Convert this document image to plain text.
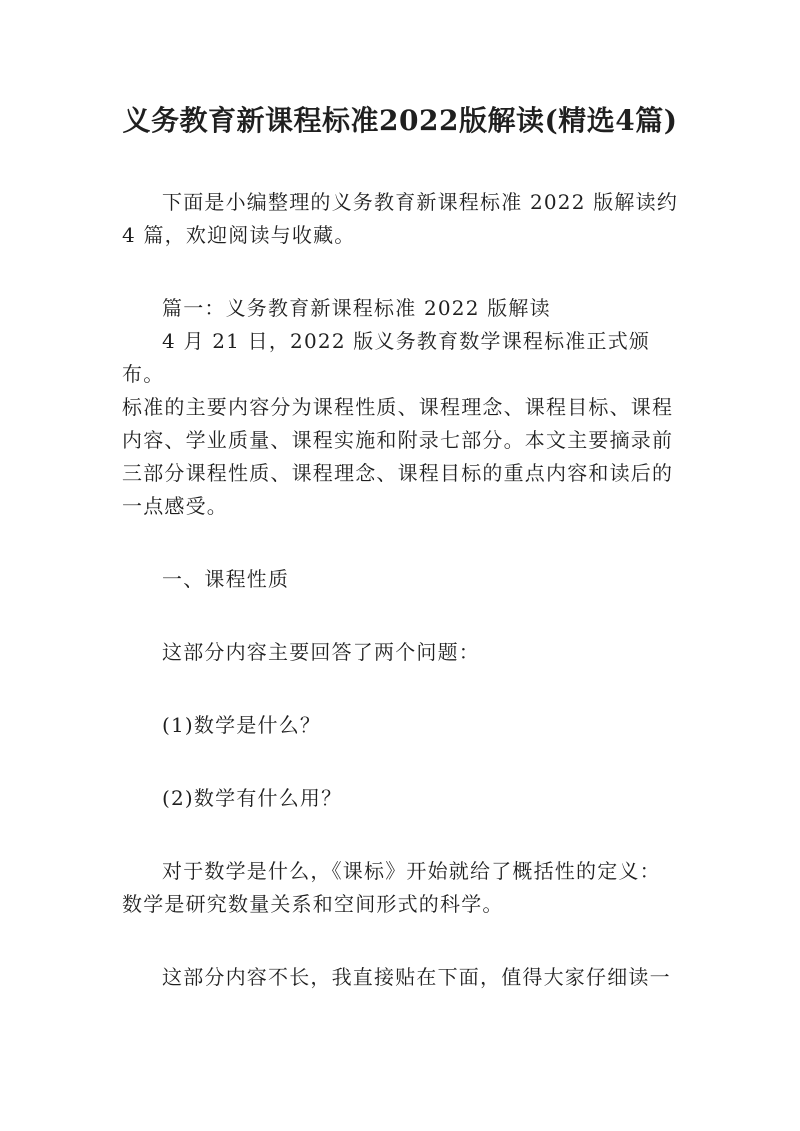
义务教育新课程标准2022版解读(精选4篇)
下面是小编整理的义务教育新课程标准 2022 版解读约
4 篇，欢迎阅读与收藏。
篇一：义务教育新课程标准 2022 版解读
4 月 21 日，2022 版义务教育数学课程标准正式颁布。
标准的主要内容分为课程性质、课程理念、课程目标、课程
内容、学业质量、课程实施和附录七部分。本文主要摘录前
三部分课程性质、课程理念、课程目标的重点内容和读后的
一点感受。
一、课程性质
这部分内容主要回答了两个问题：
(1)数学是什么？
(2)数学有什么用？
对于数学是什么，《课标》开始就给了概括性的定义：
数学是研究数量关系和空间形式的科学。
这部分内容不长，我直接贴在下面，值得大家仔细读一
